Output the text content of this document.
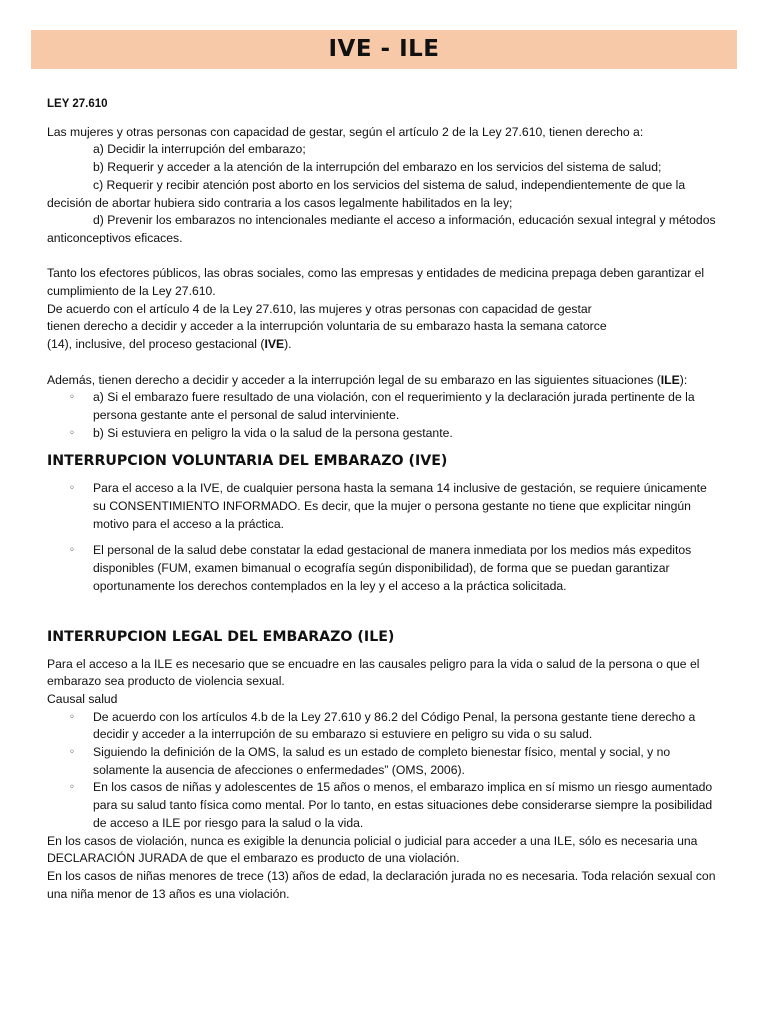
IVE - ILE

LEY 27.610

Las mujeres y otras personas con capacidad de gestar, según el artículo 2 de la Ley 27.610, tienen derecho a:

a) Decidir la interrupción del embarazo;

b) Requerir y acceder a la atención de la interrupción del embarazo en los servicios del sistema de salud;

c) Requerir y recibir atención post aborto en los servicios del sistema de salud, independientemente de que la decisión de abortar hubiera sido contraria a los casos legalmente habilitados en la ley;

d) Prevenir los embarazos no intencionales mediante el acceso a información, educación sexual integral y métodos anticonceptivos eficaces.

Tanto los efectores públicos, las obras sociales, como las empresas y entidades de medicina prepaga deben garantizar el cumplimiento de la Ley 27.610.

De acuerdo con el artículo 4 de la Ley 27.610, las mujeres y otras personas con capacidad de gestar

tienen derecho a decidir y acceder a la interrupción voluntaria de su embarazo hasta la semana catorce

(14), inclusive, del proceso gestacional (IVE).

Además, tienen derecho a decidir y acceder a la interrupción legal de su embarazo en las siguientes situaciones (ILE):

◦ a) Si el embarazo fuere resultado de una violación, con el requerimiento y la declaración jurada pertinente de la persona gestante ante el personal de salud interviniente.
◦ b) Si estuviera en peligro la vida o la salud de la persona gestante.
INTERRUPCION VOLUNTARIA DEL EMBARAZO (IVE)
◦ Para el acceso a la IVE, de cualquier persona hasta la semana 14 inclusive de gestación, se requiere únicamente su CONSENTIMIENTO INFORMADO. Es decir, que la mujer o persona gestante no tiene que explicitar ningún motivo para el acceso a la práctica.
◦ El personal de la salud debe constatar la edad gestacional de manera inmediata por los medios más expeditos disponibles (FUM, examen bimanual o ecografía según disponibilidad), de forma que se puedan garantizar oportunamente los derechos contemplados en la ley y el acceso a la práctica solicitada.
INTERRUPCION LEGAL DEL EMBARAZO (ILE)

Para el acceso a la ILE es necesario que se encuadre en las causales peligro para la vida o salud de la persona o que el embarazo sea producto de violencia sexual.

Causal salud

◦ De acuerdo con los artículos 4.b de la Ley 27.610 y 86.2 del Código Penal, la persona gestante tiene derecho a decidir y acceder a la interrupción de su embarazo si estuviere en peligro su vida o su salud.
◦ Siguiendo la definición de la OMS, la salud es un estado de completo bienestar físico, mental y social, y no solamente la ausencia de afecciones o enfermedades” (OMS, 2006).
◦ En los casos de niñas y adolescentes de 15 años o menos, el embarazo implica en sí mismo un riesgo aumentado para su salud tanto física como mental. Por lo tanto, en estas situaciones debe considerarse siempre la posibilidad de acceso a ILE por riesgo para la salud o la vida.

En los casos de violación, nunca es exigible la denuncia policial o judicial para acceder a una ILE, sólo es necesaria una DECLARACIÓN JURADA de que el embarazo es producto de una violación.

En los casos de niñas menores de trece (13) años de edad, la declaración jurada no es necesaria. Toda relación sexual con una niña menor de 13 años es una violación.
